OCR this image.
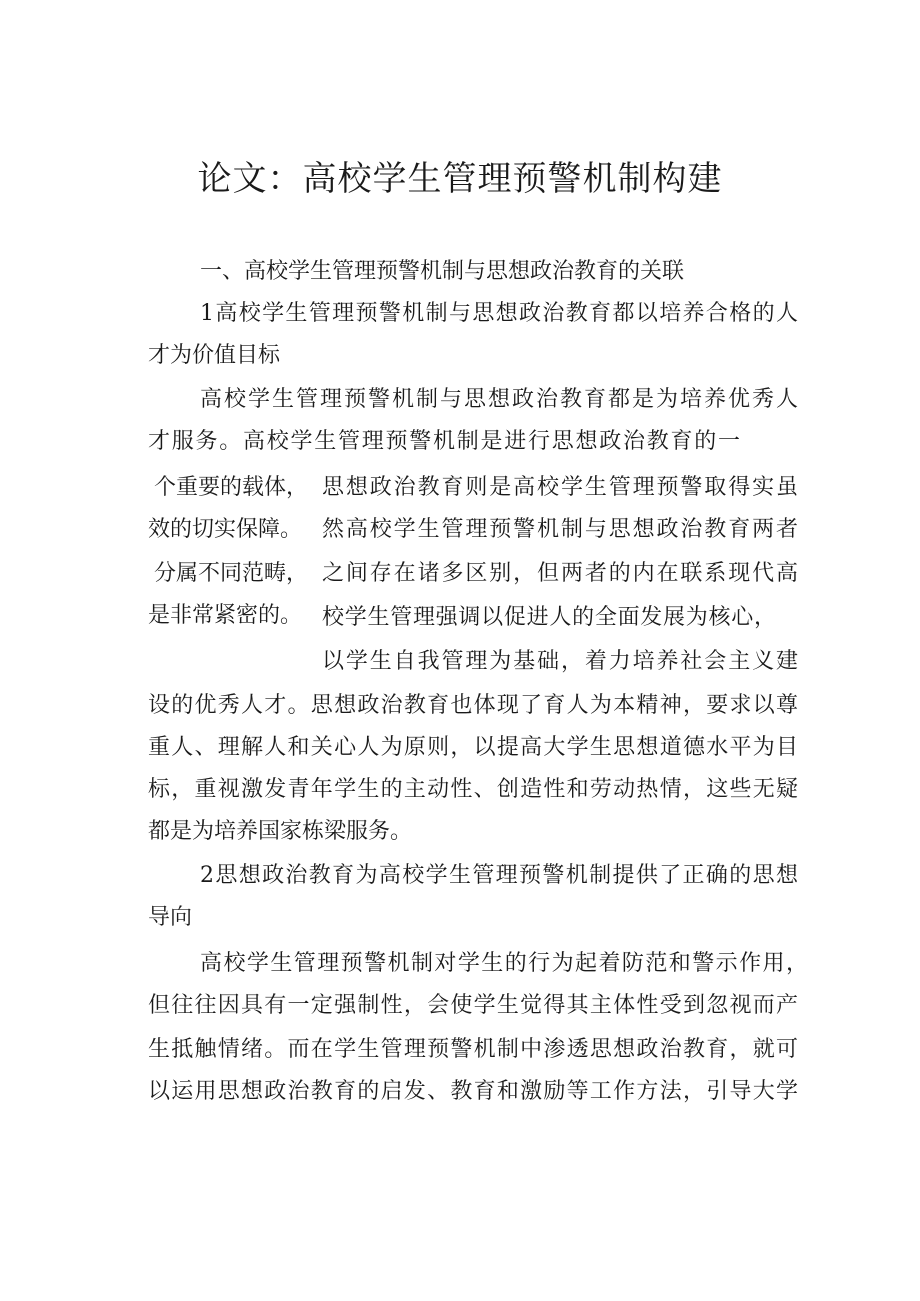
论文：高校学生管理预警机制构建
一、高校学生管理预警机制与思想政治教育的关联

1高校学生管理预警机制与思想政治教育都以培养合格的人

才为价值目标

高校学生管理预警机制与思想政治教育都是为培养优秀人

才服务。高校学生管理预警机制是进行思想政治教育的一

个重要的载体，

效的切实保障。

分属不同范畴，

是非常紧密的。

思想政治教育则是高校学生管理预警取得实虽

然高校学生管理预警机制与思想政治教育两者

之间存在诸多区别，但两者的内在联系现代高

校学生管理强调以促进人的全面发展为核心，

以学生自我管理为基础，着力培养社会主义建

设的优秀人才。思想政治教育也体现了育人为本精神，要求以尊

重人、理解人和关心人为原则，以提高大学生思想道德水平为目

标，重视激发青年学生的主动性、创造性和劳动热情，这些无疑

都是为培养国家栋梁服务。

2思想政治教育为高校学生管理预警机制提供了正确的思想

导向

高校学生管理预警机制对学生的行为起着防范和警示作用，

但往往因具有一定强制性，会使学生觉得其主体性受到忽视而产

生抵触情绪。而在学生管理预警机制中渗透思想政治教育，就可

以运用思想政治教育的启发、教育和激励等工作方法，引导大学
